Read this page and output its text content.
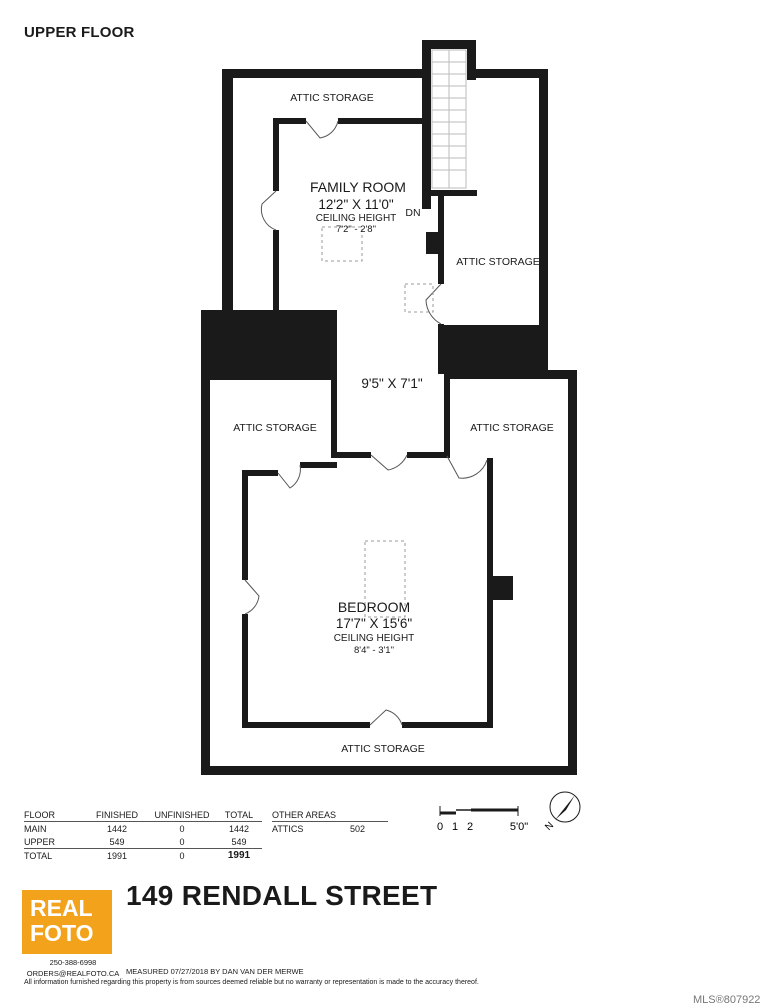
UPPER FLOOR
ATTIC STORAGE
FAMILY ROOM
12'2" X 11'0"
CEILING HEIGHT
7'2" - 2'8"
DN
ATTIC STORAGE
9'5" X 7'1"
ATTIC STORAGE	ATTIC STORAGE
BEDROOM
17'7" X 15'6"
CEILING HEIGHT
8'4" - 3'1"
ATTIC STORAGE
0 1 2	5'0" N
FLOOR	FINISHED	UNFINISHED	TOTAL
MAIN	1442	0	1442
UPPER	549	0	549
TOTAL	1991	0	1991
OTHER AREAS
ATTICS	502
149 RENDALL STREET
REAL
FOTO
250-388-6998
ORDERS@REALFOTO.CA MEASURED 07/27/2018 BY DAN VAN DER MERWE
All information furnished regarding this property is from sources deemed reliable but no warranty or representation is made to the accuracy thereof.
MLS®807922
